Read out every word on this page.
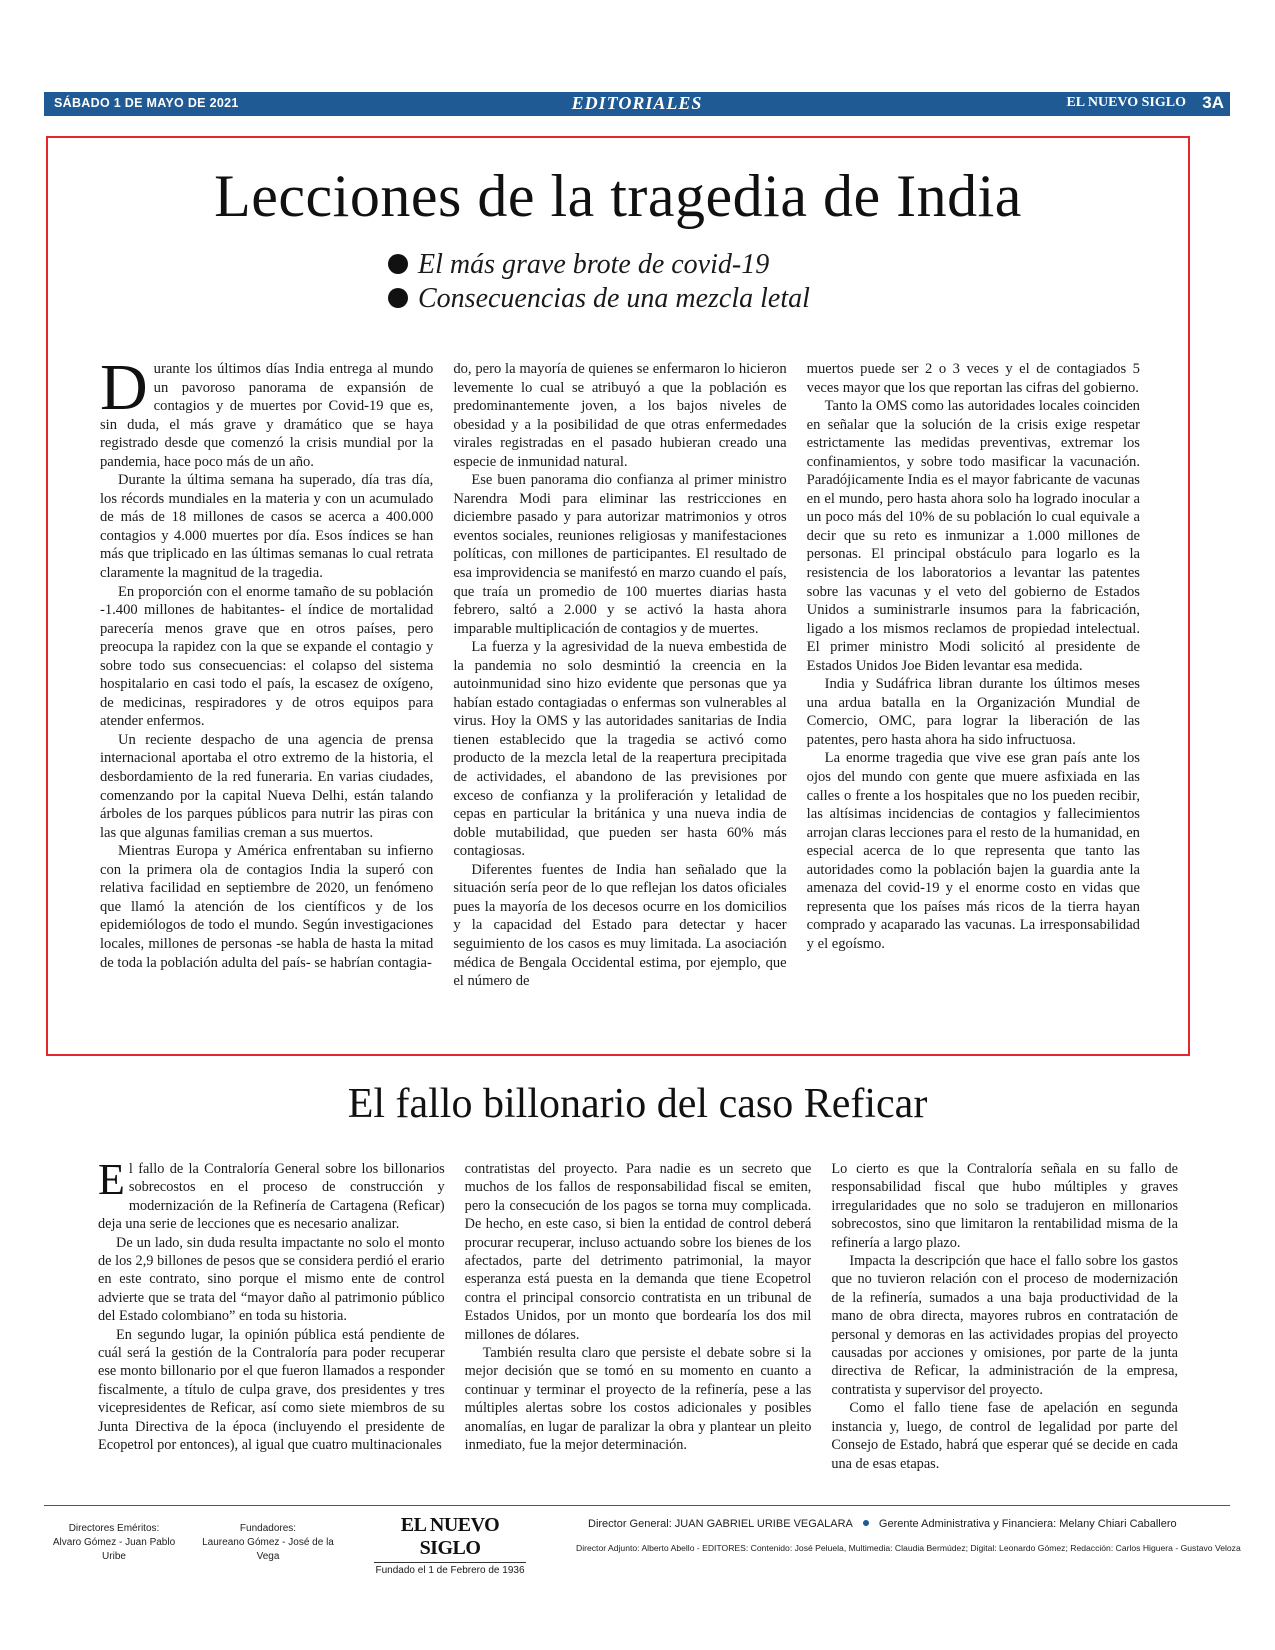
SÁBADO 1 DE MAYO DE 2021	EDITORIALES	EL NUEVO SIGLO 3A
Lecciones de la tragedia de India
El más grave brote de covid-19
Consecuencias de una mezcla letal

Durante los últimos días India entrega al mundo un pavoroso panorama de expansión de contagios y de muertes por Covid-19 que es, sin duda, el más grave y dramático que se haya registrado desde que comenzó la crisis mundial por la pandemia, hace poco más de un año.

Durante la última semana ha superado, día tras día, los récords mundiales en la materia y con un acumulado de más de 18 millones de casos se acerca a 400.000 contagios y 4.000 muertes por día. Esos índices se han más que triplicado en las últimas semanas lo cual retrata claramente la magnitud de la tragedia.

En proporción con el enorme tamaño de su población -1.400 millones de habitantes- el índice de mortalidad parecería menos grave que en otros países, pero preocupa la rapidez con la que se expande el contagio y sobre todo sus consecuencias: el colapso del sistema hospitalario en casi todo el país, la escasez de oxígeno, de medicinas, respiradores y de otros equipos para atender enfermos.

Un reciente despacho de una agencia de prensa internacional aportaba el otro extremo de la historia, el desbordamiento de la red funeraria. En varias ciudades, comenzando por la capital Nueva Delhi, están talando árboles de los parques públicos para nutrir las piras con las que algunas familias creman a sus muertos.

Mientras Europa y América enfrentaban su infierno con la primera ola de contagios India la superó con relativa facilidad en septiembre de 2020, un fenómeno que llamó la atención de los científicos y de los epidemiólogos de todo el mundo. Según investigaciones locales, millones de personas -se habla de hasta la mitad de toda la población adulta del país- se habrían contagia-

do, pero la mayoría de quienes se enfermaron lo hicieron levemente lo cual se atribuyó a que la población es predominantemente joven, a los bajos niveles de obesidad y a la posibilidad de que otras enfermedades virales registradas en el pasado hubieran creado una especie de inmunidad natural.

Ese buen panorama dio confianza al primer ministro Narendra Modi para eliminar las restricciones en diciembre pasado y para autorizar matrimonios y otros eventos sociales, reuniones religiosas y manifestaciones políticas, con millones de participantes. El resultado de esa improvidencia se manifestó en marzo cuando el país, que traía un promedio de 100 muertes diarias hasta febrero, saltó a 2.000 y se activó la hasta ahora imparable multiplicación de contagios y de muertes.

La fuerza y la agresividad de la nueva embestida de la pandemia no solo desmintió la creencia en la autoinmunidad sino hizo evidente que personas que ya habían estado contagiadas o enfermas son vulnerables al virus. Hoy la OMS y las autoridades sanitarias de India tienen establecido que la tragedia se activó como producto de la mezcla letal de la reapertura precipitada de actividades, el abandono de las previsiones por exceso de confianza y la proliferación y letalidad de cepas en particular la británica y una nueva india de doble mutabilidad, que pueden ser hasta 60% más contagiosas.

Diferentes fuentes de India han señalado que la situación sería peor de lo que reflejan los datos oficiales pues la mayoría de los decesos ocurre en los domicilios y la capacidad del Estado para detectar y hacer seguimiento de los casos es muy limitada. La asociación médica de Bengala Occidental estima, por ejemplo, que el número de

muertos puede ser 2 o 3 veces y el de contagiados 5 veces mayor que los que reportan las cifras del gobierno.

Tanto la OMS como las autoridades locales coinciden en señalar que la solución de la crisis exige respetar estrictamente las medidas preventivas, extremar los confinamientos, y sobre todo masificar la vacunación. Paradójicamente India es el mayor fabricante de vacunas en el mundo, pero hasta ahora solo ha logrado inocular a un poco más del 10% de su población lo cual equivale a decir que su reto es inmunizar a 1.000 millones de personas. El principal obstáculo para logarlo es la resistencia de los laboratorios a levantar las patentes sobre las vacunas y el veto del gobierno de Estados Unidos a suministrarle insumos para la fabricación, ligado a los mismos reclamos de propiedad intelectual. El primer ministro Modi solicitó al presidente de Estados Unidos Joe Biden levantar esa medida.

India y Sudáfrica libran durante los últimos meses una ardua batalla en la Organización Mundial de Comercio, OMC, para lograr la liberación de las patentes, pero hasta ahora ha sido infructuosa.

La enorme tragedia que vive ese gran país ante los ojos del mundo con gente que muere asfixiada en las calles o frente a los hospitales que no los pueden recibir, las altísimas incidencias de contagios y fallecimientos arrojan claras lecciones para el resto de la humanidad, en especial acerca de lo que representa que tanto las autoridades como la población bajen la guardia ante la amenaza del covid-19 y el enorme costo en vidas que representa que los países más ricos de la tierra hayan comprado y acaparado las vacunas. La irresponsabilidad y el egoísmo.

El fallo billonario del caso Reficar

El fallo de la Contraloría General sobre los billonarios sobrecostos en el proceso de construcción y modernización de la Refinería de Cartagena (Reficar) deja una serie de lecciones que es necesario analizar.

De un lado, sin duda resulta impactante no solo el monto de los 2,9 billones de pesos que se considera perdió el erario en este contrato, sino porque el mismo ente de control advierte que se trata del “mayor daño al patrimonio público del Estado colombiano” en toda su historia.

En segundo lugar, la opinión pública está pendiente de cuál será la gestión de la Contraloría para poder recuperar ese monto billonario por el que fueron llamados a responder fiscalmente, a título de culpa grave, dos presidentes y tres vicepresidentes de Reficar, así como siete miembros de su Junta Directiva de la época (incluyendo el presidente de Ecopetrol por entonces), al igual que cuatro multinacionales

contratistas del proyecto. Para nadie es un secreto que muchos de los fallos de responsabilidad fiscal se emiten, pero la consecución de los pagos se torna muy complicada. De hecho, en este caso, si bien la entidad de control deberá procurar recuperar, incluso actuando sobre los bienes de los afectados, parte del detrimento patrimonial, la mayor esperanza está puesta en la demanda que tiene Ecopetrol contra el principal consorcio contratista en un tribunal de Estados Unidos, por un monto que bordearía los dos mil millones de dólares.

También resulta claro que persiste el debate sobre si la mejor decisión que se tomó en su momento en cuanto a continuar y terminar el proyecto de la refinería, pese a las múltiples alertas sobre los costos adicionales y posibles anomalías, en lugar de paralizar la obra y plantear un pleito inmediato, fue la mejor determinación.

Lo cierto es que la Contraloría señala en su fallo de responsabilidad fiscal que hubo múltiples y graves irregularidades que no solo se tradujeron en millonarios sobrecostos, sino que limitaron la rentabilidad misma de la refinería a largo plazo.

Impacta la descripción que hace el fallo sobre los gastos que no tuvieron relación con el proceso de modernización de la refinería, sumados a una baja productividad de la mano de obra directa, mayores rubros en contratación de personal y demoras en las actividades propias del proyecto causadas por acciones y omisiones, por parte de la junta directiva de Reficar, la administración de la empresa, contratista y supervisor del proyecto.

Como el fallo tiene fase de apelación en segunda instancia y, luego, de control de legalidad por parte del Consejo de Estado, habrá que esperar qué se decide en cada una de esas etapas.

Directores Eméritos:
Alvaro Gómez - Juan Pablo Uribe
Fundadores:
Laureano Gómez - José de la Vega
EL NUEVO SIGLO
Fundado el 1 de Febrero de 1936
Director General: JUAN GABRIEL URIBE VEGALARA Gerente Administrativa y Financiera: Melany Chiari Caballero
Director Adjunto: Alberto Abello - EDITORES: Contenido: José Peluela, Multimedia: Claudia Bermúdez; Digital: Leonardo Gómez; Redacción: Carlos Higuera - Gustavo Veloza
